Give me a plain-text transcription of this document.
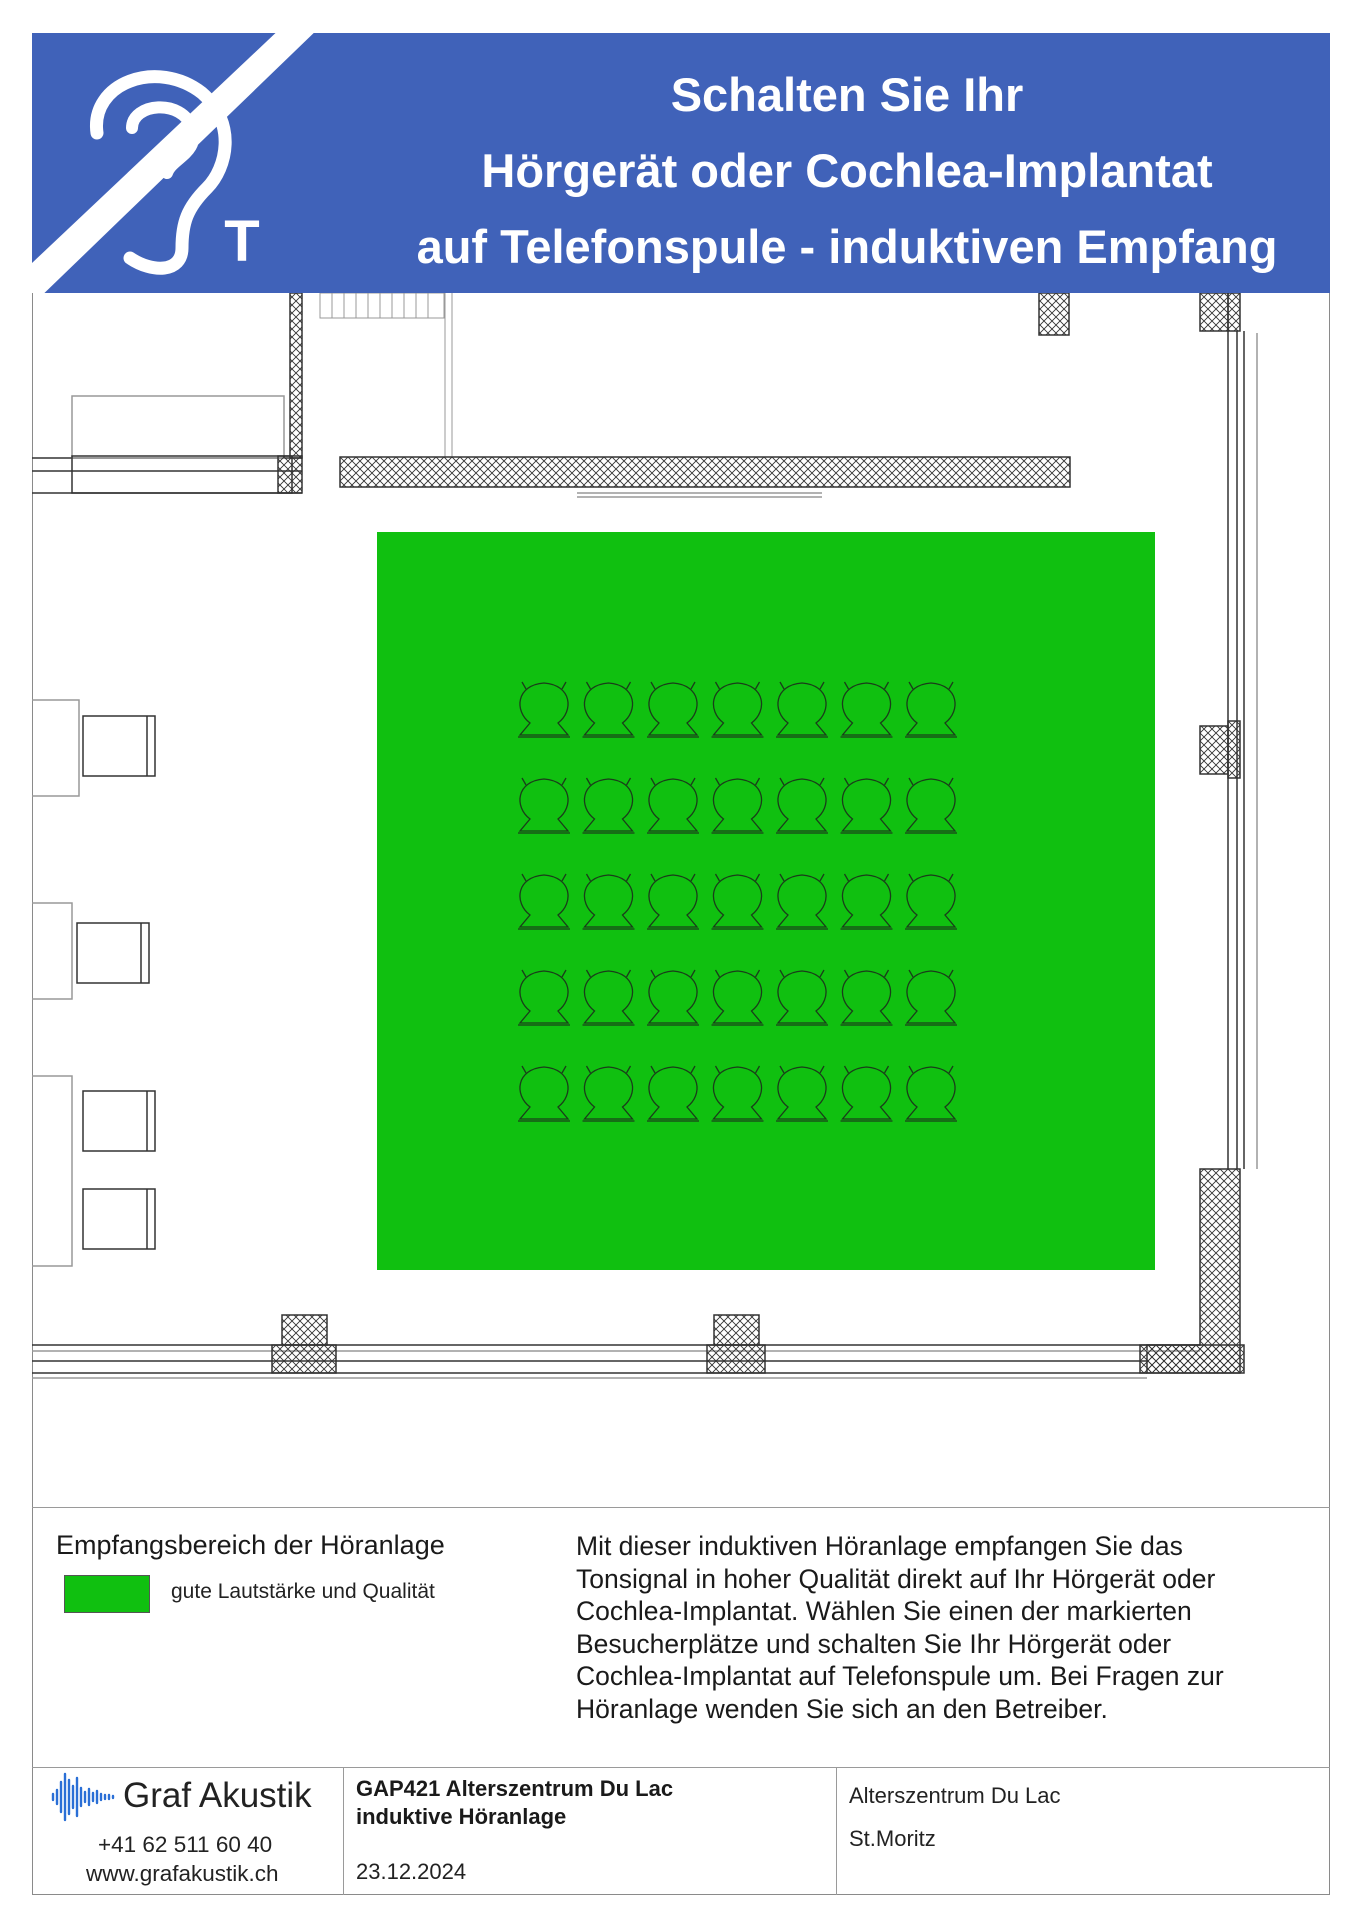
T
Schalten Sie Ihr
Hörgerät oder Cochlea-Implantat
auf Telefonspule - induktiven Empfang
Empfangsbereich der Höranlage
gute Lautstärke und Qualität
Mit dieser induktiven Höranlage empfangen Sie das
Tonsignal in hoher Qualität direkt auf Ihr Hörgerät oder
Cochlea-Implantat. Wählen Sie einen der markierten
Besucherplätze und schalten Sie Ihr Hörgerät oder
Cochlea-Implantat auf Telefonspule um. Bei Fragen zur
Höranlage wenden Sie sich an den Betreiber.
Graf Akustik
+41 62 511 60 40
www.grafakustik.ch
GAP421 Alterszentrum Du Lac
induktive Höranlage
23.12.2024
Alterszentrum Du Lac
St.Moritz
